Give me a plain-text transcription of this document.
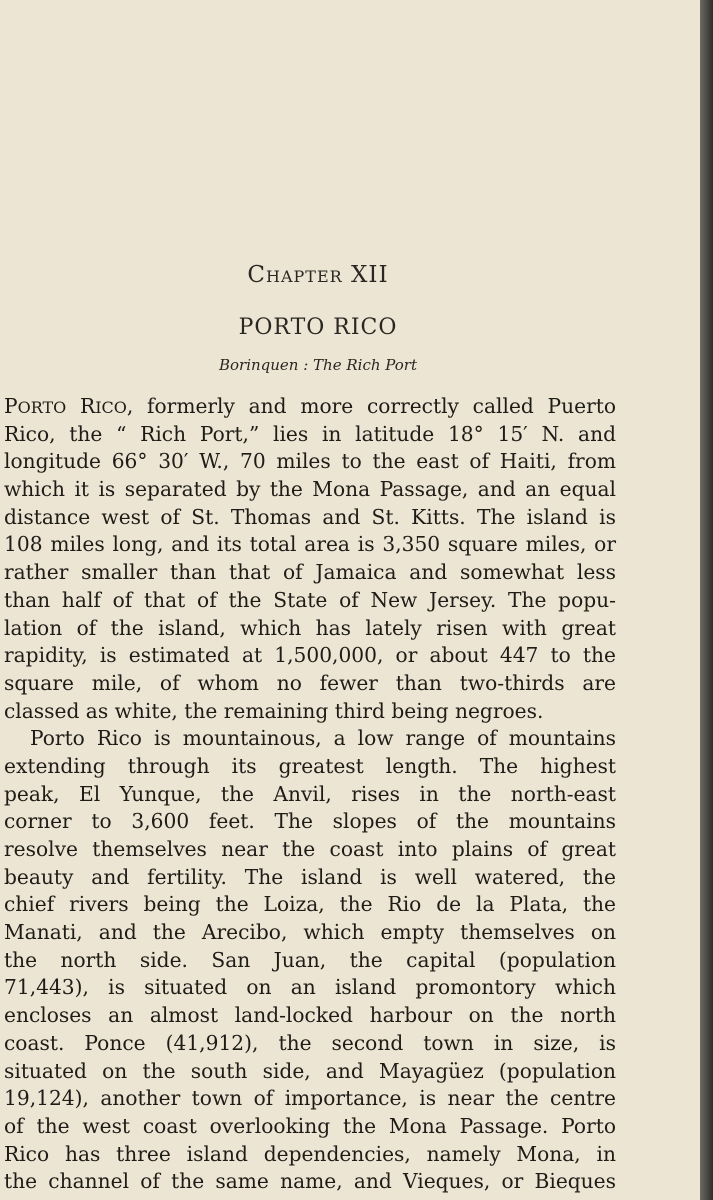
CHAPTER XII
PORTO RICO
Borinquen : The Rich Port
PORTO RICO, formerly and more correctly called Puerto
Rico, the “ Rich Port,” lies in latitude 18° 15′ N. and
longitude 66° 30′ W., 70 miles to the east of Haiti, from
which it is separated by the Mona Passage, and an equal
distance west of St. Thomas and St. Kitts. The island is
108 miles long, and its total area is 3,350 square miles, or
rather smaller than that of Jamaica and somewhat less
than half of that of the State of New Jersey. The popu-
lation of the island, which has lately risen with great
rapidity, is estimated at 1,500,000, or about 447 to the
square mile, of whom no fewer than two-thirds are
classed as white, the remaining third being negroes.
Porto Rico is mountainous, a low range of mountains
extending through its greatest length. The highest
peak, El Yunque, the Anvil, rises in the north-east
corner to 3,600 feet. The slopes of the mountains
resolve themselves near the coast into plains of great
beauty and fertility. The island is well watered, the
chief rivers being the Loiza, the Rio de la Plata, the
Manati, and the Arecibo, which empty themselves on
the north side. San Juan, the capital (population
71,443), is situated on an island promontory which
encloses an almost land-locked harbour on the north
coast. Ponce (41,912), the second town in size, is
situated on the south side, and Mayagüez (population
19,124), another town of importance, is near the centre
of the west coast overlooking the Mona Passage. Porto
Rico has three island dependencies, namely Mona, in
the channel of the same name, and Vieques, or Bieques
